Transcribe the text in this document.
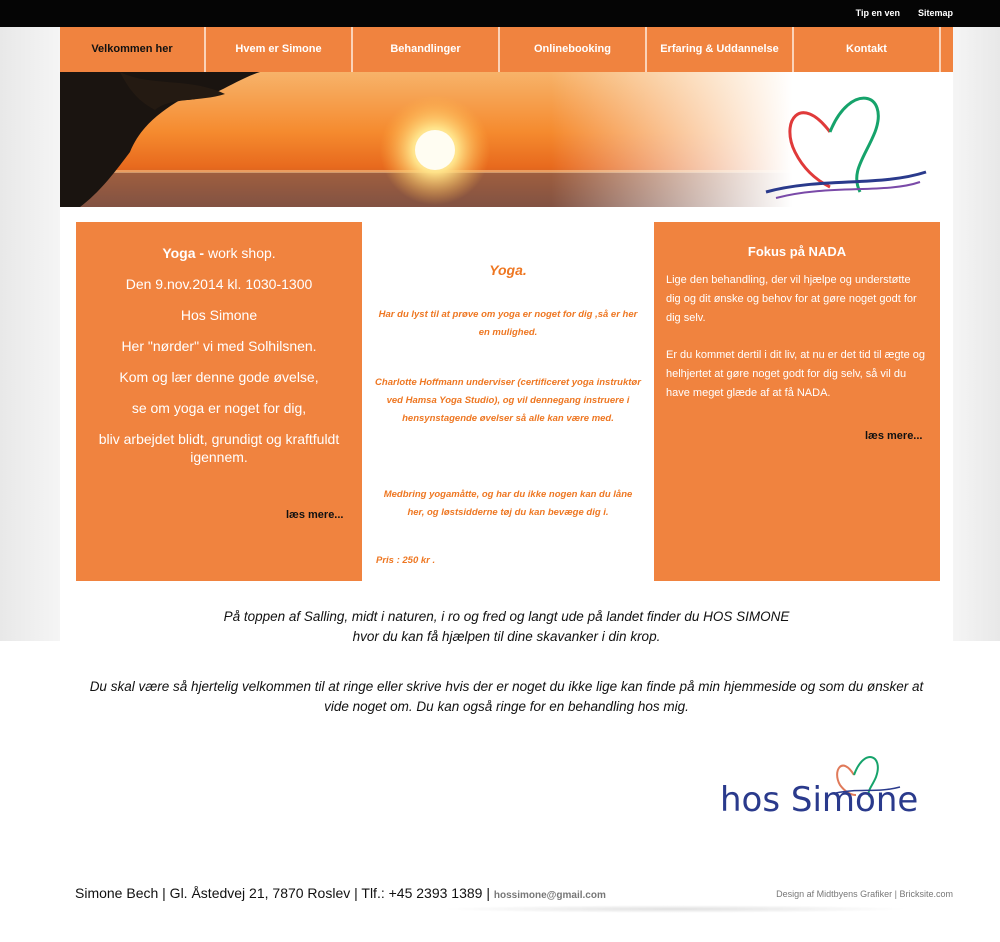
Tip en ven Sitemap
Velkommen her	Hvem er Simone	Behandlinger	Onlinebooking	Erfaring & Uddannelse	Kontakt

Yoga - work shop.

Den 9.nov.2014 kl. 1030-1300

Hos Simone

Her "nørder" vi med Solhilsnen.

Kom og lær denne gode øvelse,

se om yoga er noget for dig,

bliv arbejdet blidt, grundigt og kraftfuldt igennem.

læs mere...
Yoga.
Har du lyst til at prøve om yoga er noget for dig ,så er her en mulighed.
Charlotte Hoffmann underviser (certificeret yoga instruktør ved Hamsa Yoga Studio), og vil dennegang instruere i hensynstagende øvelser så alle kan være med.
Medbring yogamåtte, og har du ikke nogen kan du låne her, og løstsidderne tøj du kan bevæge dig i.
Pris : 250 kr .
Fokus på NADA
Lige den behandling, der vil hjælpe og understøtte dig og dit ønske og behov for at gøre noget godt for dig selv.
Er du kommet dertil i dit liv, at nu er det tid til ægte og helhjertet at gøre noget godt for dig selv, så vil du have meget glæde af at få NADA.
læs mere...
På toppen af Salling, midt i naturen, i ro og fred og langt ude på landet finder du HOS SIMONE
hvor du kan få hjælpen til dine skavanker i din krop.
Du skal være så hjertelig velkommen til at ringe eller skrive hvis der er noget du ikke lige kan finde på min hjemmeside og som du ønsker at vide noget om. Du kan også ringe for en behandling hos mig.
hos Simone
Simone Bech | Gl. Åstedvej 21, 7870 Roslev | Tlf.: +45 2393 1389 | hossimone@gmail.com	Design af Midtbyens Grafiker | Bricksite.com
